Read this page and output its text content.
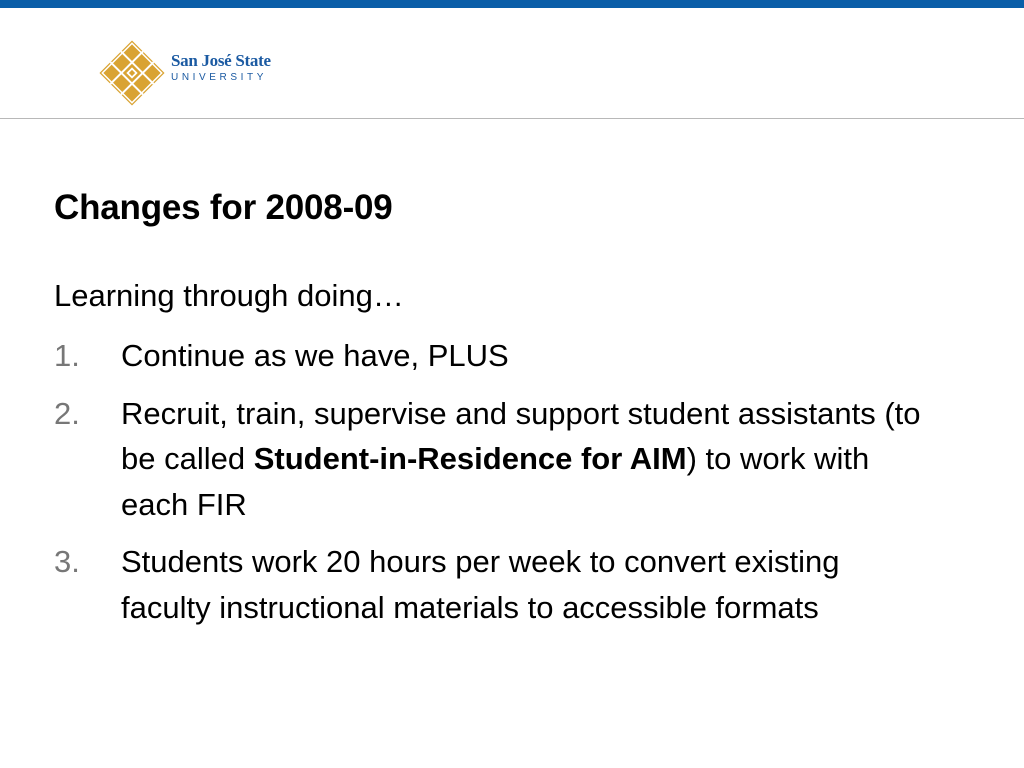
San José State
UNIVERSITY
Changes for 2008-09

Learning through doing…

1. Continue as we have, PLUS
2. Recruit, train, supervise and support student assistants (to be called Student-in-Residence for AIM) to work with each FIR
3. Students work 20 hours per week to convert existing faculty instructional materials to accessible formats
